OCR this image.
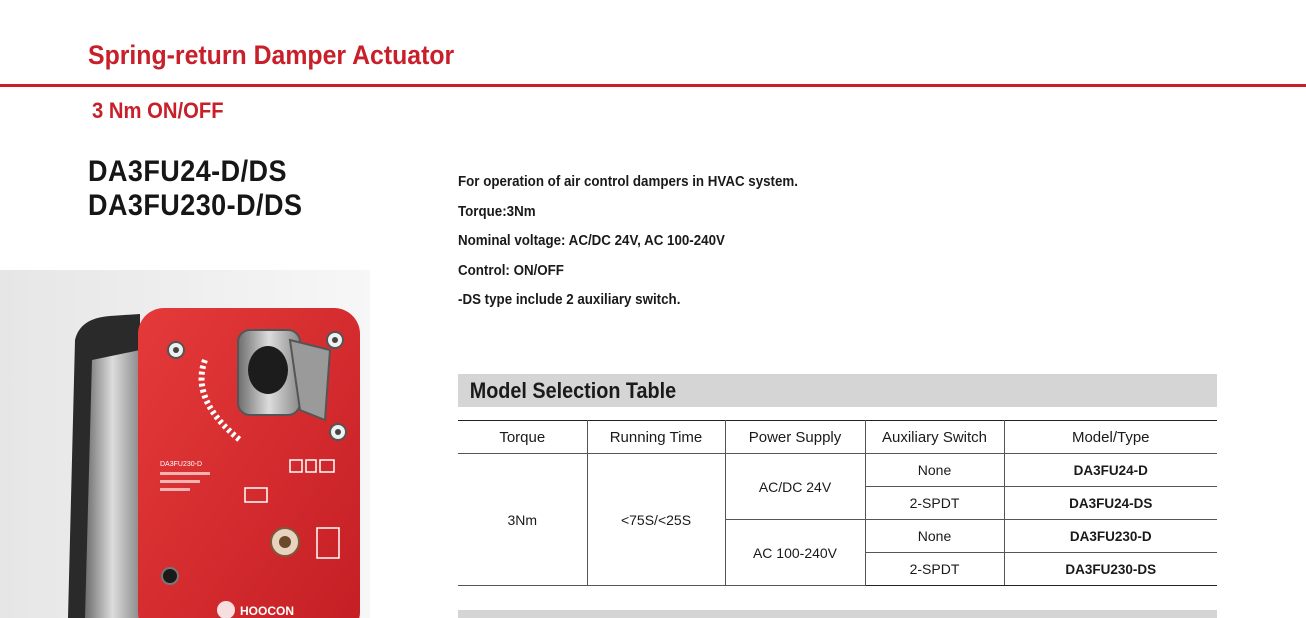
Spring-return Damper Actuator
3 Nm ON/OFF
DA3FU24-D/DS
DA3FU230-D/DS
For operation of air control dampers in HVAC system.
Torque:3Nm
Nominal voltage: AC/DC 24V, AC 100-240V
Control: ON/OFF
-DS type include 2 auxiliary switch.
DA3FU230-D
HOOCON
Model Selection Table
Torque	Running Time	Power Supply	Auxiliary Switch	Model/Type
3Nm	<75S/<25S	AC/DC 24V	None	DA3FU24-D
			2-SPDT	DA3FU24-DS
		AC 100-240V	None	DA3FU230-D
			2-SPDT	DA3FU230-DS
